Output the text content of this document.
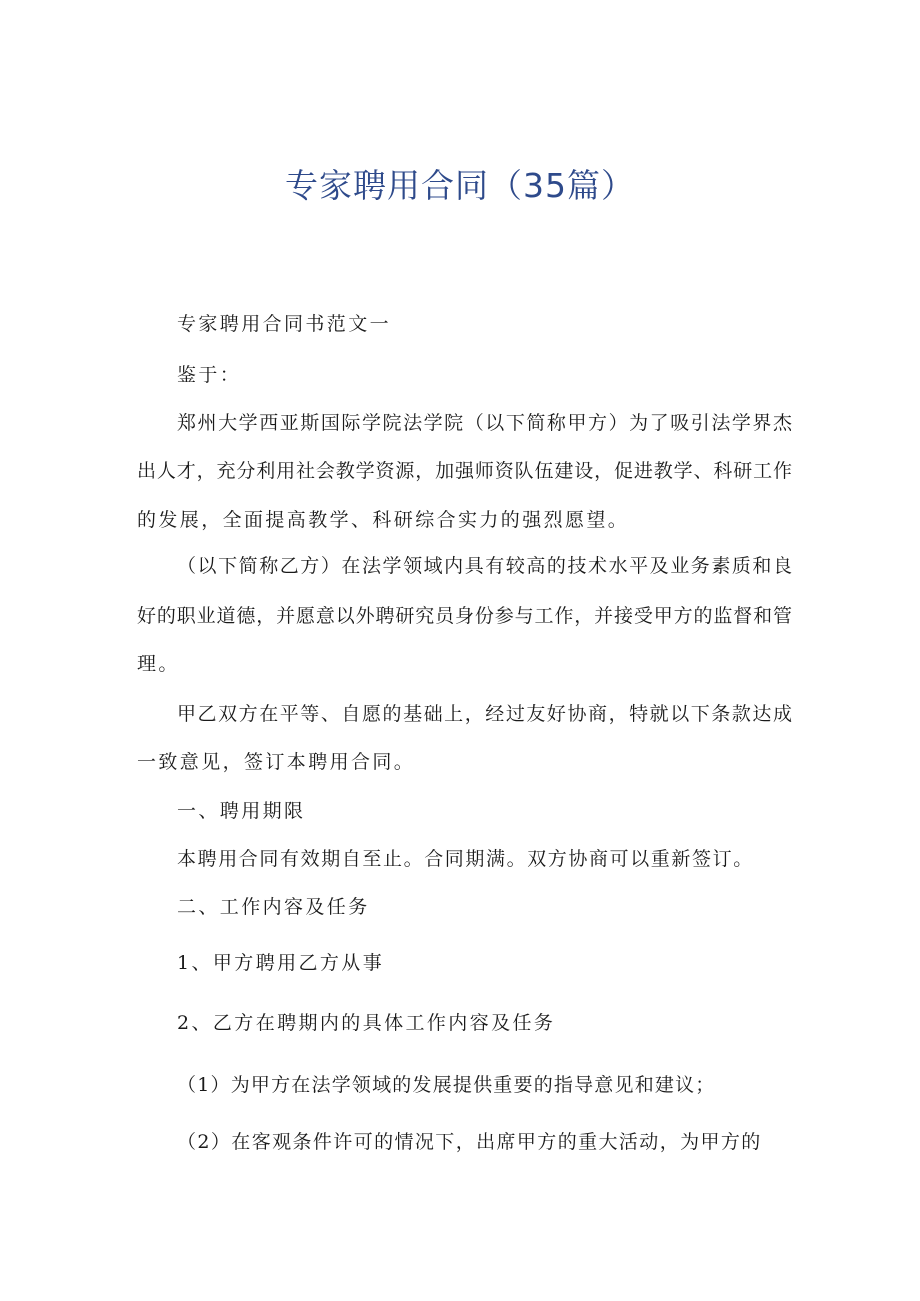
专家聘用合同（35篇）
专家聘用合同书范文一
鉴于：
郑州大学西亚斯国际学院法学院（以下简称甲方）为了吸引法学界杰
出人才，充分利用社会教学资源，加强师资队伍建设，促进教学、科研工作
的发展，全面提高教学、科研综合实力的强烈愿望。
（以下简称乙方）在法学领域内具有较高的技术水平及业务素质和良
好的职业道德，并愿意以外聘研究员身份参与工作，并接受甲方的监督和管
理。
甲乙双方在平等、自愿的基础上，经过友好协商，特就以下条款达成
一致意见，签订本聘用合同。
一、聘用期限
本聘用合同有效期自至止。合同期满。双方协商可以重新签订。
二、工作内容及任务
1、甲方聘用乙方从事
2、乙方在聘期内的具体工作内容及任务
（1）为甲方在法学领域的发展提供重要的指导意见和建议；
（2）在客观条件许可的情况下，出席甲方的重大活动，为甲方的
